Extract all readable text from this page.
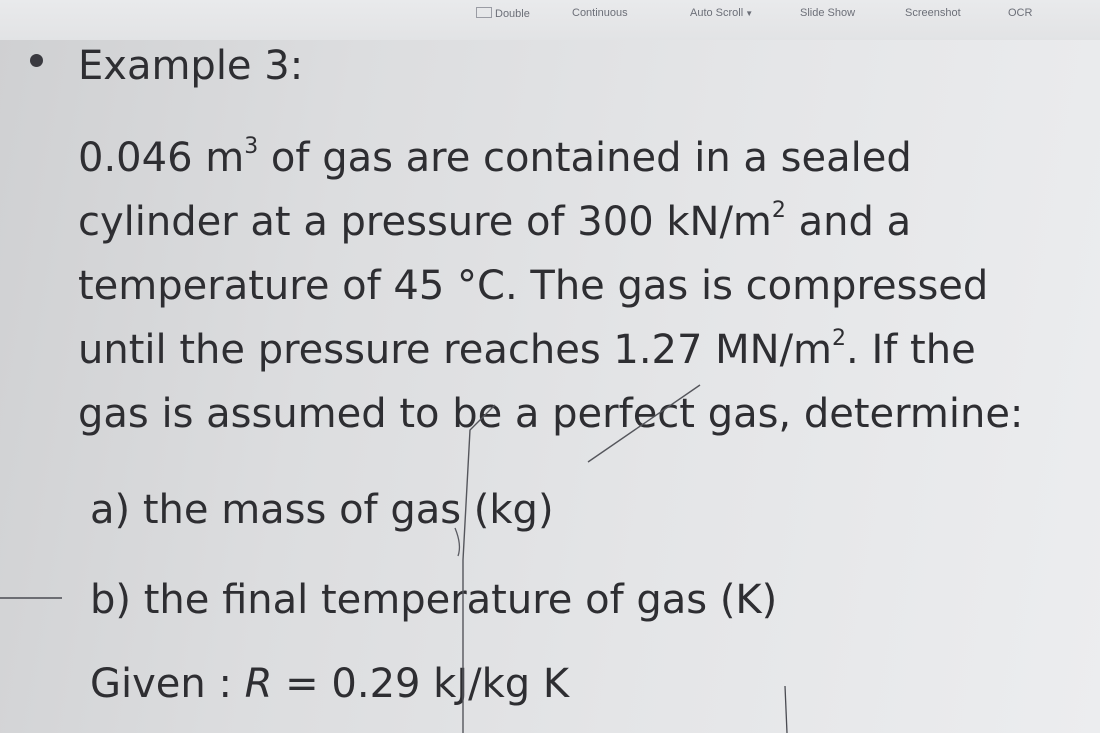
Double	Continuous	Auto Scroll ▼	Slide Show	Screenshot	OCR
Example 3:
0.046 $m^3$ of gas are contained in a sealed
cylinder at a pressure of 300 $kN/m^2$ and a
temperature of 45 °C. The gas is compressed
until the pressure reaches 1.27 $MN/m^2$. If the
gas is assumed to be a perfect gas, determine:
a) the mass of gas (kg)
b) the final temperature of gas (K)
Given : R = 0.29 kJ/kg K
